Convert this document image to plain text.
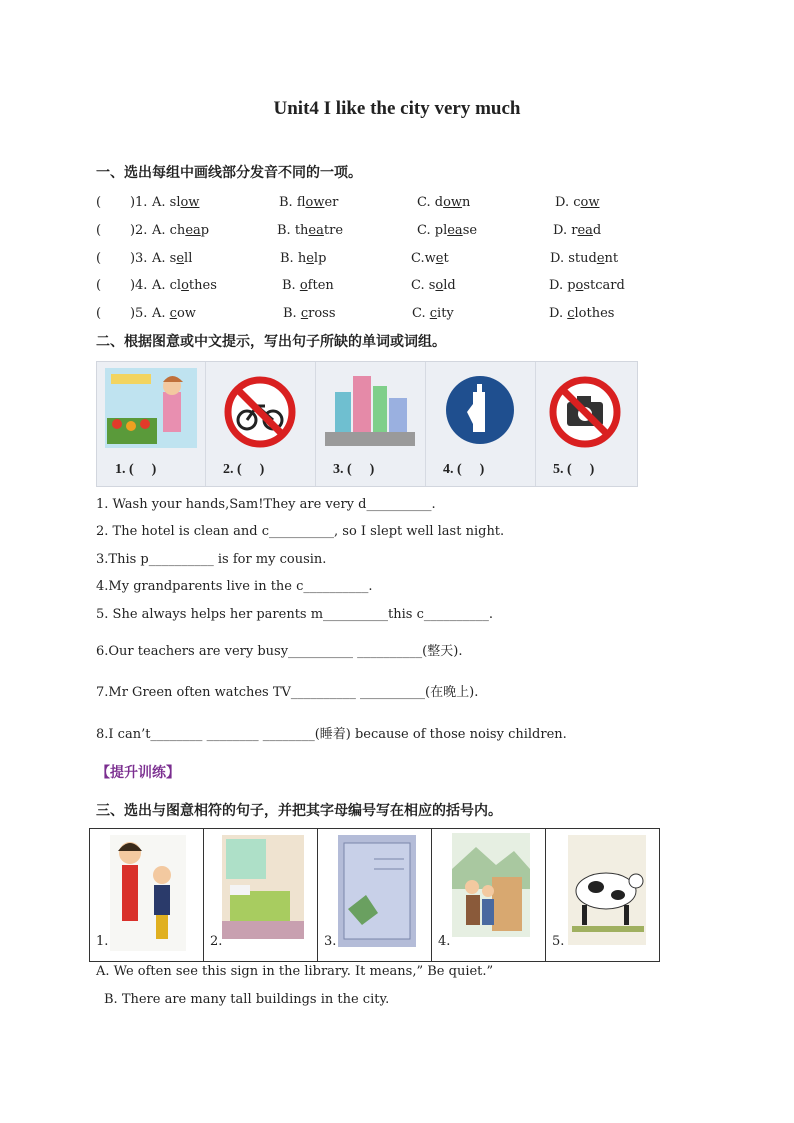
Unit4 I like the city very much
一、选出每组中画线部分发音不同的一项。
( ) 1. A. slow	B. flower	C. down	D. cow
( ) 2. A. cheap	B. theatre	C. please	D. read
( ) 3. A. sell	B. help	C.wet	D. student
( ) 4. A. clothes	B. often	C. sold	D. postcard
( ) 5. A. cow	B. cross	C. city	D. clothes
二、根据图意或中文提示，写出句子所缺的单词或词组。
1. ( )	2. ( )	3. ( )	4. ( )	5. ( )
1. Wash your hands,Sam!They are very d__________.
2. The hotel is clean and c__________, so I slept well last night.
3.This p__________ is for my cousin.
4.My grandparents live in the c__________.
5. She always helps her parents m__________this c__________.
6.Our teachers are very busy__________ __________(整天).
7.Mr Green often watches TV__________ __________(在晚上).
8.I can’t________ ________ ________(睡着) because of those noisy children.
【提升训练】
三、选出与图意相符的句子，并把其字母编号写在相应的括号内。
1.	2.	3.	4.	5.
A. We often see this sign in the library. It means,” Be quiet.”
B. There are many tall buildings in the city.
